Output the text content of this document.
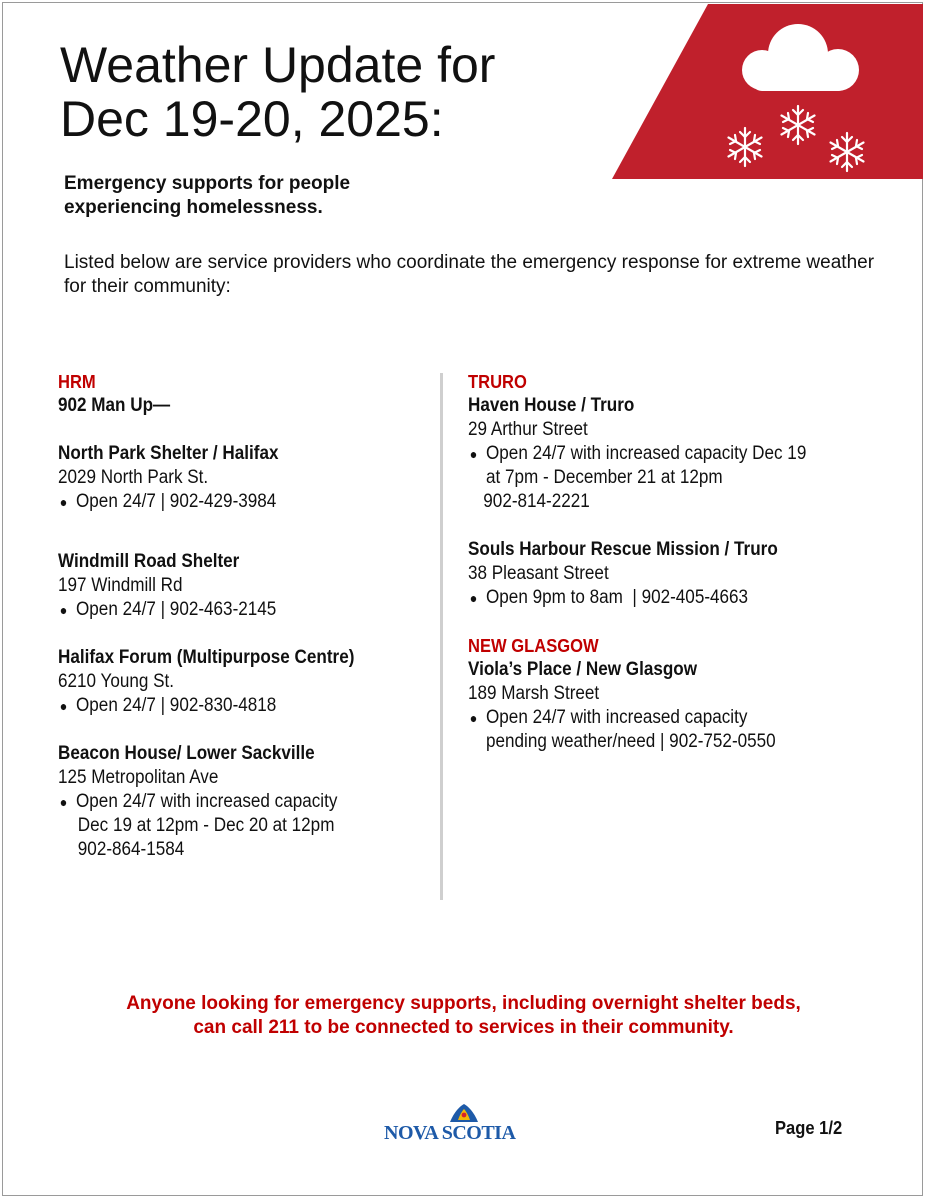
Weather Update for
Dec 19-20, 2025:

Emergency supports for people
experiencing homelessness.

Listed below are service providers who coordinate the emergency response for extreme weather for their community:

HRM
902 Man Up—
North Park Shelter / Halifax
2029 North Park St.
● Open 24/7 | 902-429-3984
Windmill Road Shelter
197 Windmill Rd
● Open 24/7 | 902-463-2145
Halifax Forum (Multipurpose Centre)
6210 Young St.
● Open 24/7 | 902-830-4818
Beacon House/ Lower Sackville
125 Metropolitan Ave
● Open 24/7 with increased capacity
Dec 19 at 12pm - Dec 20 at 12pm
902-864-1584
TRURO
Haven House / Truro
29 Arthur Street
● Open 24/7 with increased capacity Dec 19
at 7pm - December 21 at 12pm
902-814-2221
Souls Harbour Rescue Mission / Truro
38 Pleasant Street
● Open 9pm to 8am  | 902-405-4663
NEW GLASGOW
Viola’s Place / New Glasgow
189 Marsh Street
● Open 24/7 with increased capacity
pending weather/need | 902-752-0550

Anyone looking for emergency supports, including overnight shelter beds,
can call 211 to be connected to services in their community.

NOVA SCOTIA	Page 1/2
